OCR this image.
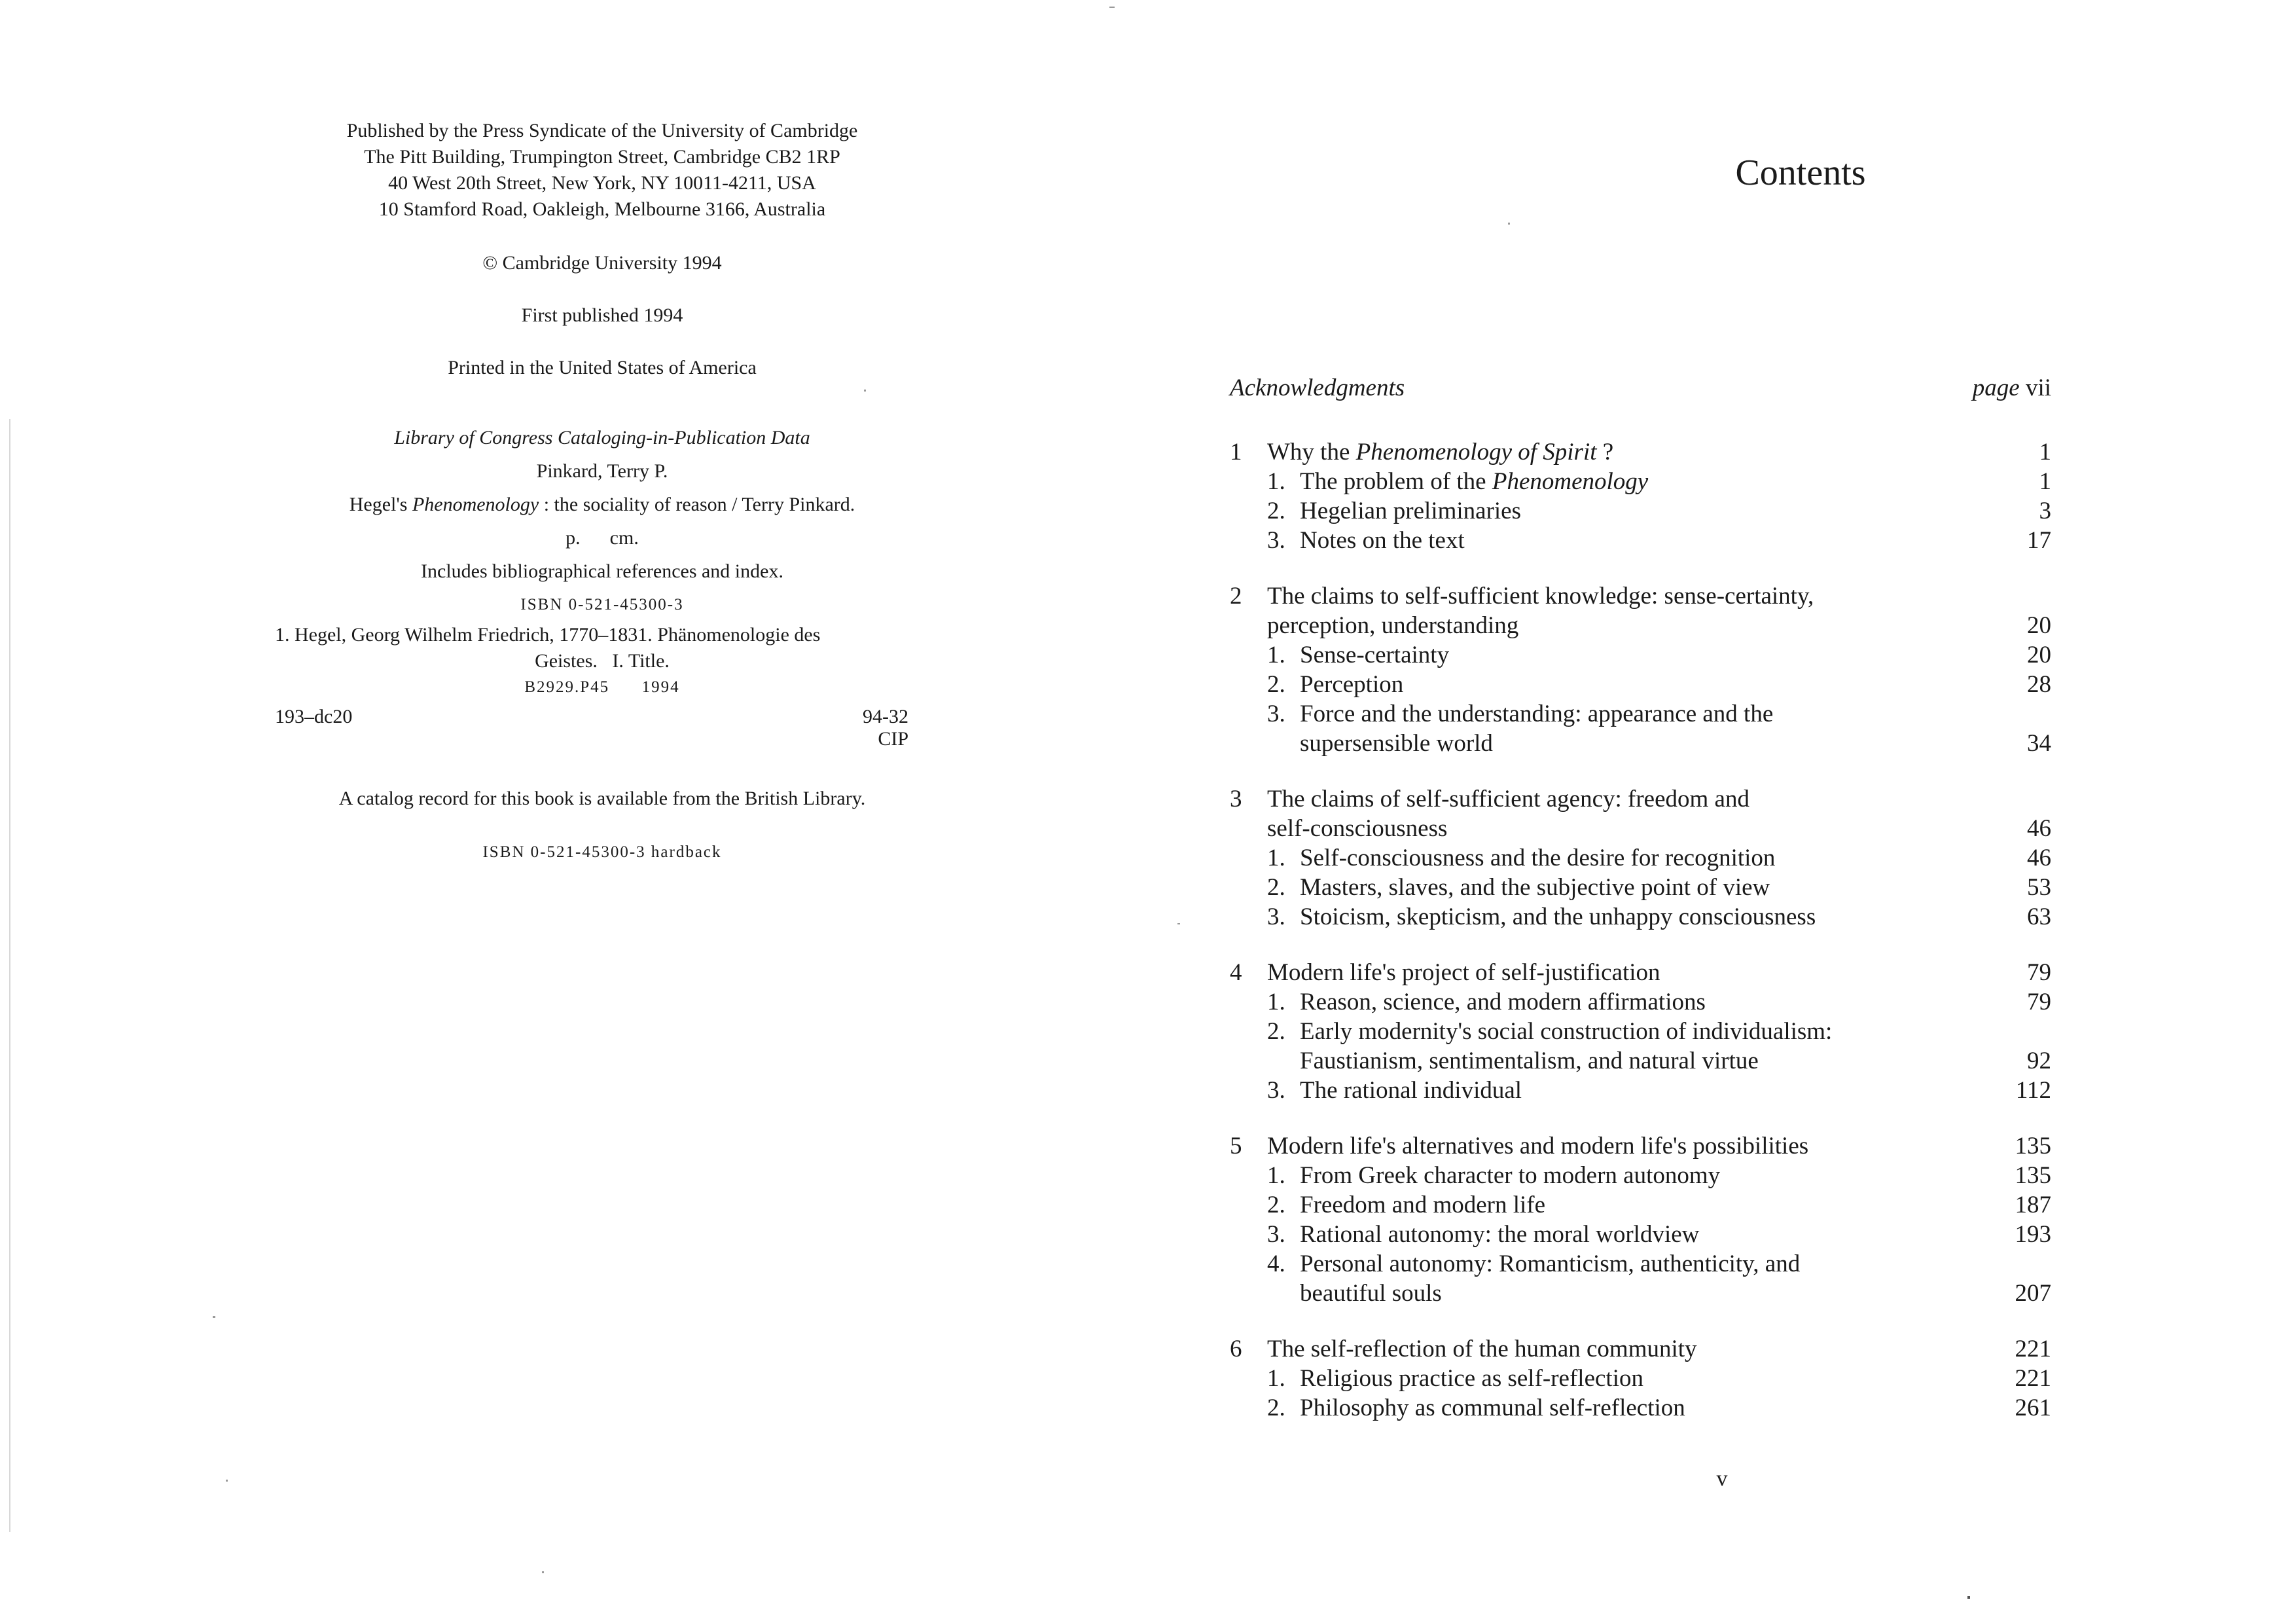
Published by the Press Syndicate of the University of Cambridge
The Pitt Building, Trumpington Street, Cambridge CB2 1RP
40 West 20th Street, New York, NY 10011-4211, USA
10 Stamford Road, Oakleigh, Melbourne 3166, Australia
© Cambridge University 1994
First published 1994
Printed in the United States of America
Library of Congress Cataloging-in-Publication Data
Pinkard, Terry P.
Hegel's Phenomenology : the sociality of reason / Terry Pinkard.
p.      cm.
Includes bibliographical references and index.
ISBN 0-521-45300-3
1. Hegel, Georg Wilhelm Friedrich, 1770–1831. Phänomenologie des
Geistes.   I. Title.
B2929.P45      1994
193–dc20	94-32
CIP
A catalog record for this book is available from the British Library.
ISBN 0-521-45300-3 hardback
Contents
Acknowledgments	page vii
1	Why the Phenomenology of Spirit ?	1
1. The problem of the Phenomenology	1
2. Hegelian preliminaries	3
3. Notes on the text	17
2	The claims to self-sufficient knowledge: sense-certainty,
perception, understanding	20
1. Sense-certainty	20
2. Perception	28
3. Force and the understanding: appearance and the
supersensible world	34
3	The claims of self-sufficient agency: freedom and
self-consciousness	46
1. Self-consciousness and the desire for recognition	46
2. Masters, slaves, and the subjective point of view	53
3. Stoicism, skepticism, and the unhappy consciousness	63
4	Modern life's project of self-justification	79
1. Reason, science, and modern affirmations	79
2. Early modernity's social construction of individualism:
Faustianism, sentimentalism, and natural virtue	92
3. The rational individual	112
5	Modern life's alternatives and modern life's possibilities	135
1. From Greek character to modern autonomy	135
2. Freedom and modern life	187
3. Rational autonomy: the moral worldview	193
4. Personal autonomy: Romanticism, authenticity, and
beautiful souls	207
6	The self-reflection of the human community	221
1. Religious practice as self-reflection	221
2. Philosophy as communal self-reflection	261
v
